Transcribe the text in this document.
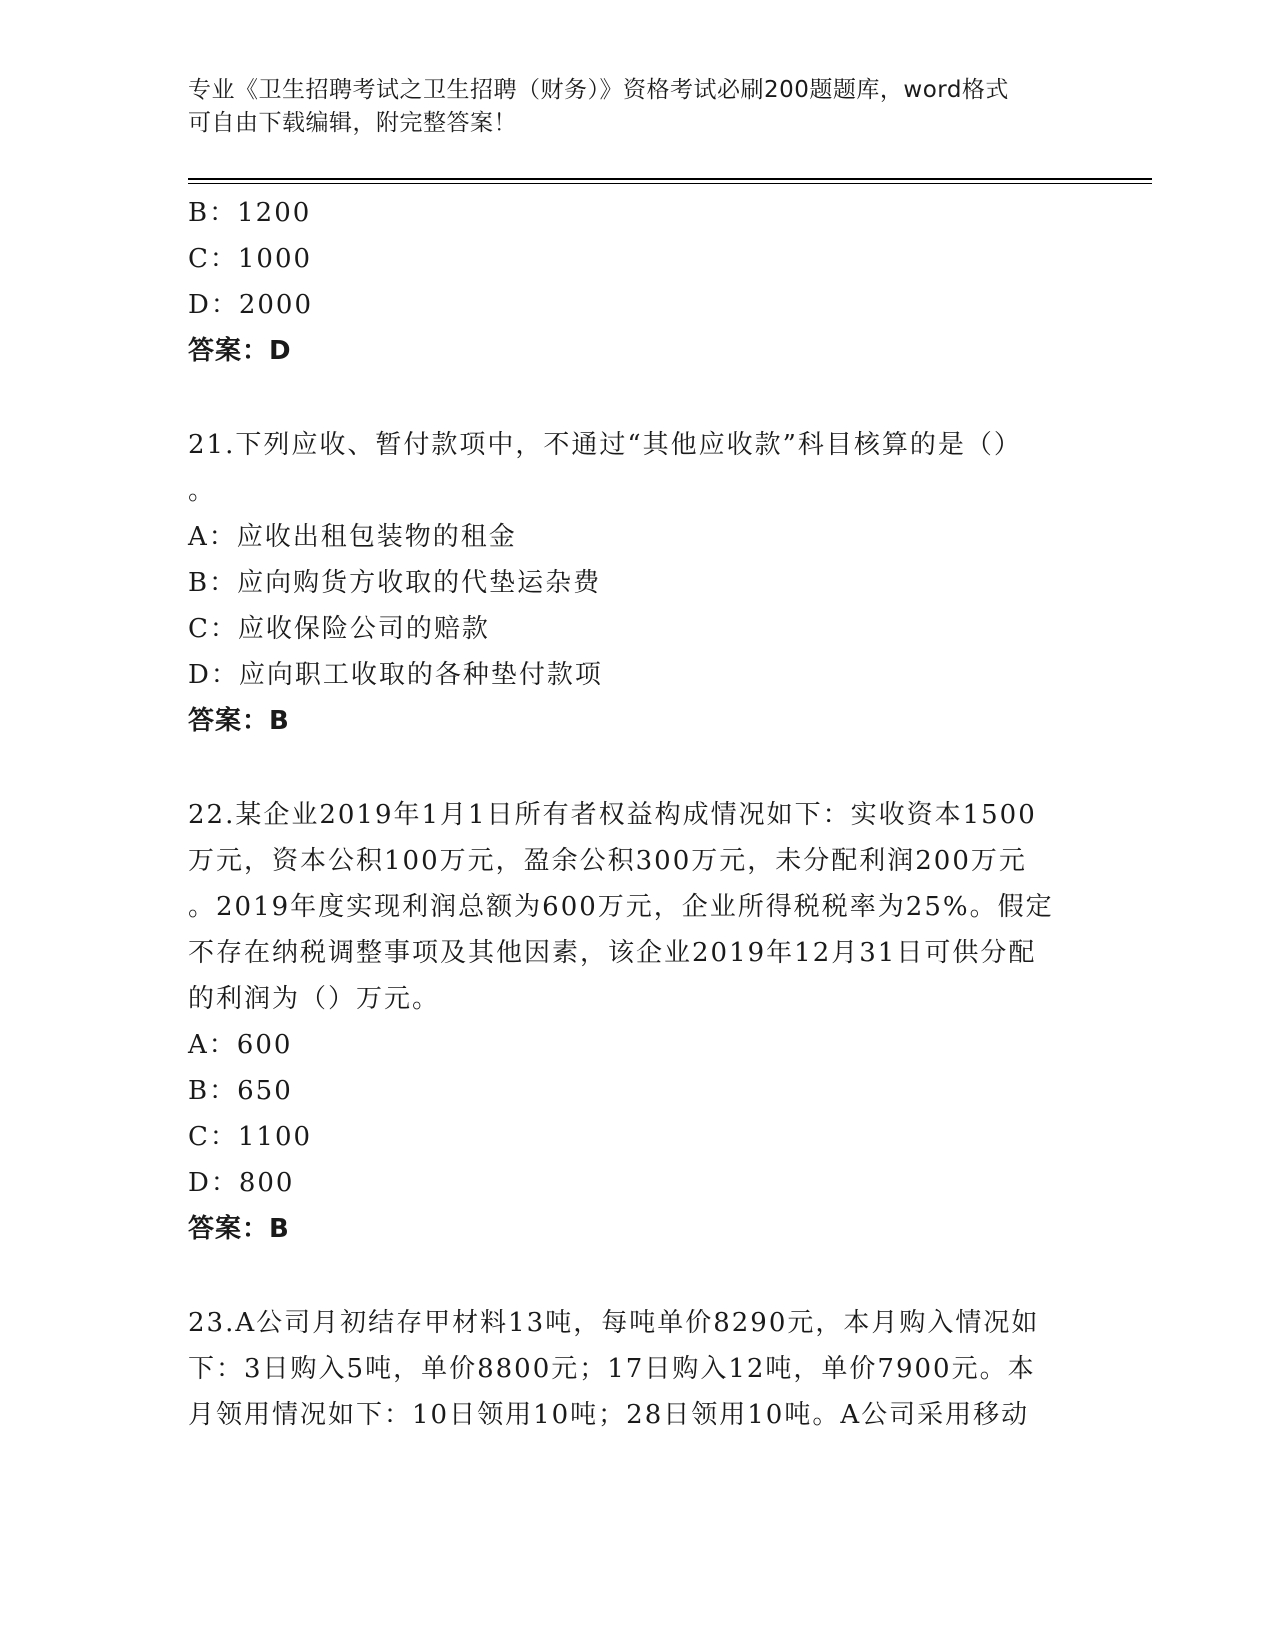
专业《卫生招聘考试之卫生招聘（财务）》资格考试必刷200题题库，word格式
可自由下载编辑，附完整答案！
B：1200
C：1000
D：2000
答案：D
21.下列应收、暂付款项中，不通过“其他应收款”科目核算的是（）
。
A：应收出租包装物的租金
B：应向购货方收取的代垫运杂费
C：应收保险公司的赔款
D：应向职工收取的各种垫付款项
答案：B
22.某企业2019年1月1日所有者权益构成情况如下：实收资本1500
万元，资本公积100万元，盈余公积300万元，未分配利润200万元
。2019年度实现利润总额为600万元，企业所得税税率为25%。假定
不存在纳税调整事项及其他因素，该企业2019年12月31日可供分配
的利润为（）万元。
A：600
B：650
C：1100
D：800
答案：B
23.A公司月初结存甲材料13吨，每吨单价8290元，本月购入情况如
下：3日购入5吨，单价8800元；17日购入12吨，单价7900元。本
月领用情况如下：10日领用10吨；28日领用10吨。A公司采用移动
